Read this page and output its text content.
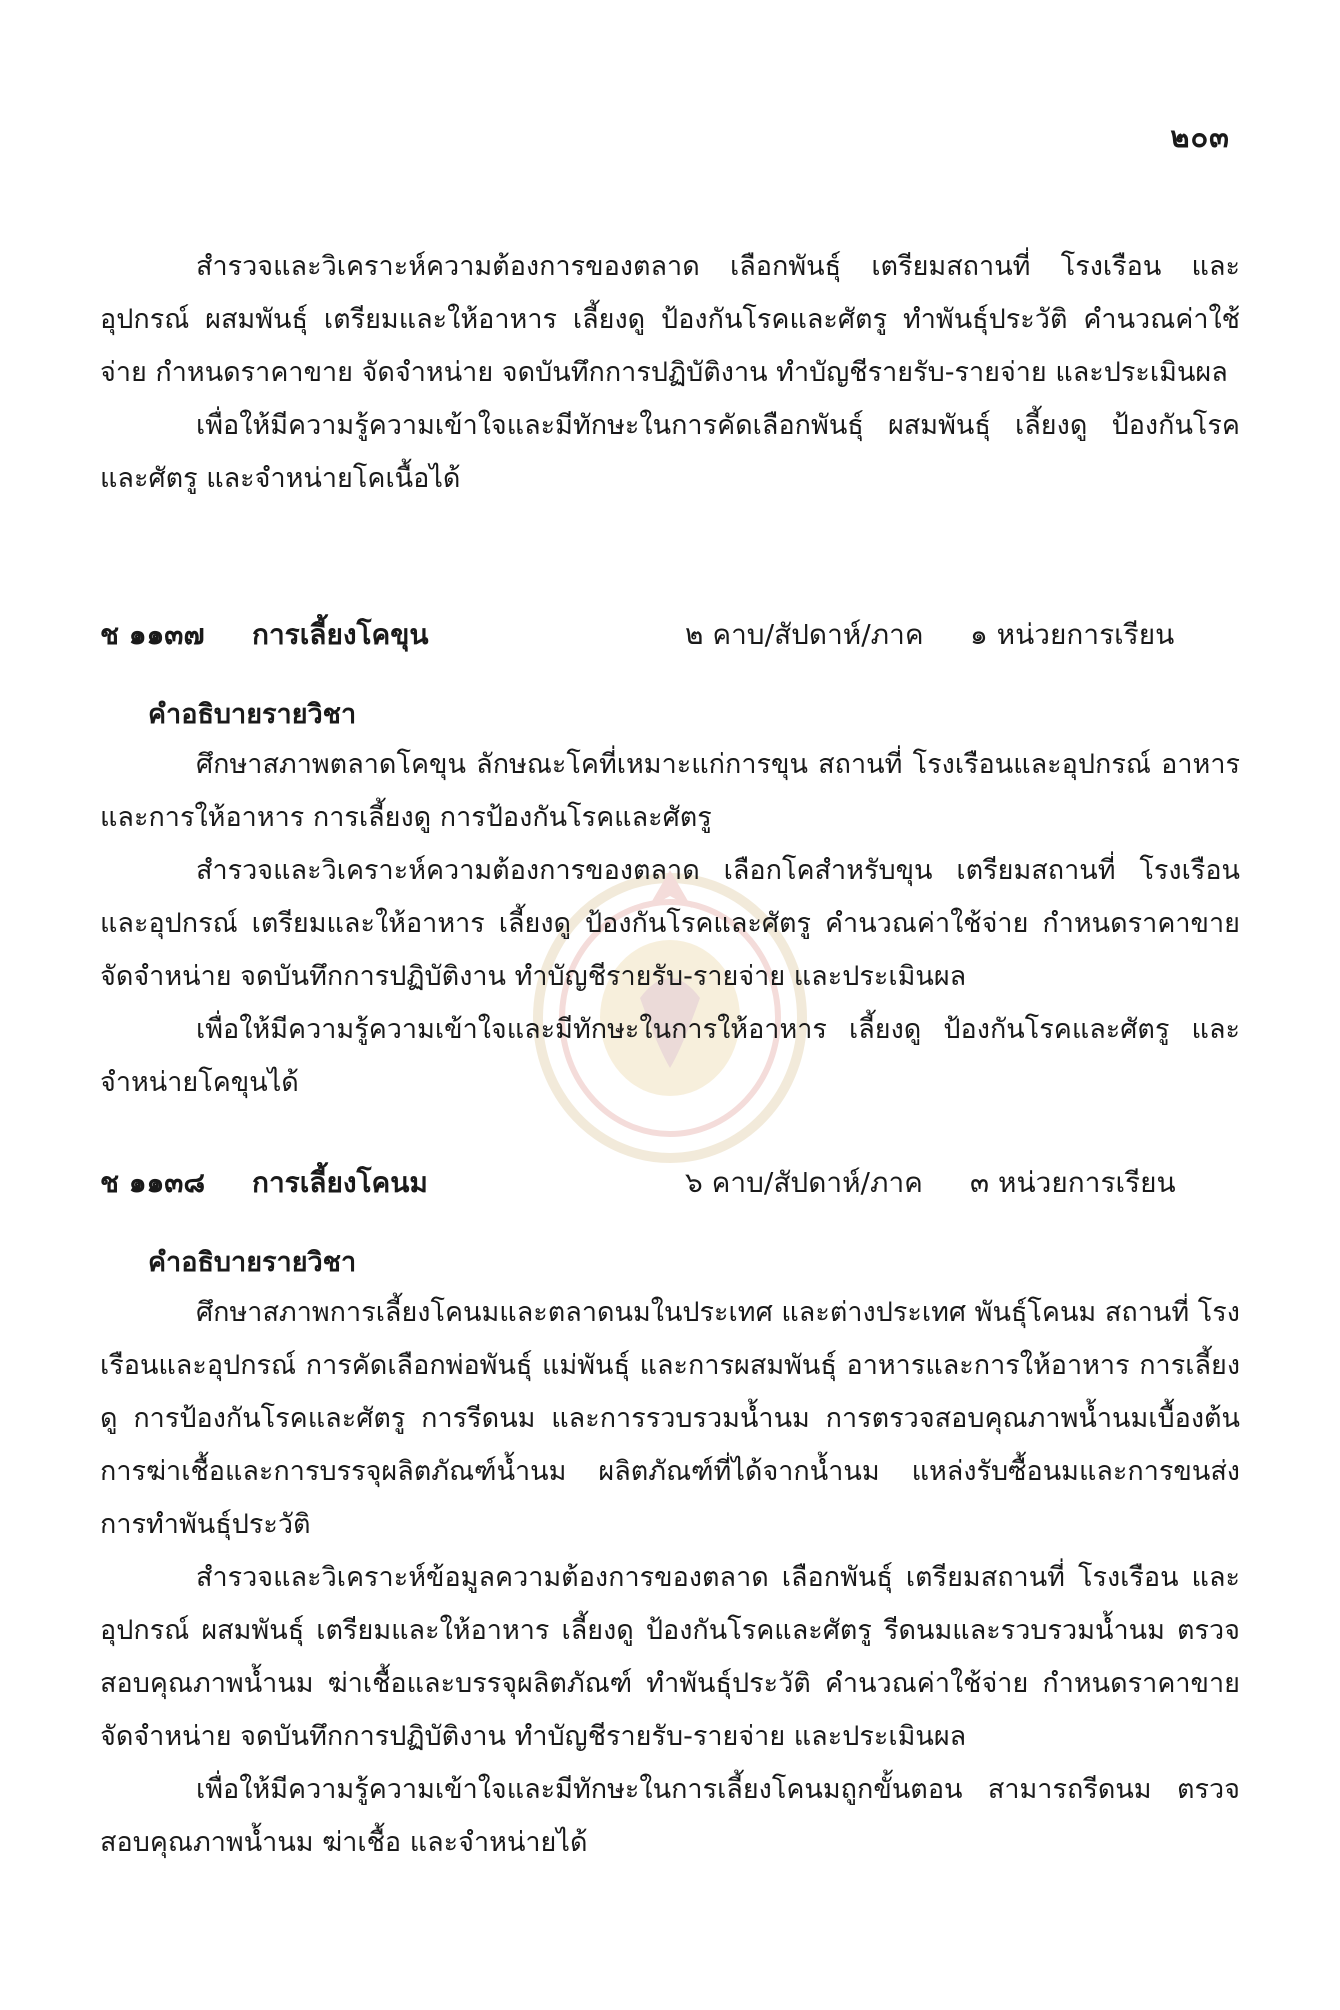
๒๐๓

สำรวจและวิเคราะห์ความต้องการของตลาด เลือกพันธุ์ เตรียมสถานที่ โรงเรือน และอุปกรณ์ ผสมพันธุ์ เตรียมและให้อาหาร เลี้ยงดู ป้องกันโรคและศัตรู ทำพันธุ์ประวัติ คำนวณค่าใช้จ่าย กำหนดราคาขาย จัดจำหน่าย จดบันทึกการปฏิบัติงาน ทำบัญชีรายรับ-รายจ่าย และประเมินผล

เพื่อให้มีความรู้ความเข้าใจและมีทักษะในการคัดเลือกพันธุ์ ผสมพันธุ์ เลี้ยงดู ป้องกันโรคและศัตรู และจำหน่ายโคเนื้อได้

ช ๑๑๓๗ การเลี้ยงโคขุน	๒ คาบ/สัปดาห์/ภาค ๑ หน่วยการเรียน
คำอธิบายรายวิชา

ศึกษาสภาพตลาดโคขุน ลักษณะโคที่เหมาะแก่การขุน สถานที่ โรงเรือนและอุปกรณ์ อาหารและการให้อาหาร การเลี้ยงดู การป้องกันโรคและศัตรู

สำรวจและวิเคราะห์ความต้องการของตลาด เลือกโคสำหรับขุน เตรียมสถานที่ โรงเรือน และอุปกรณ์ เตรียมและให้อาหาร เลี้ยงดู ป้องกันโรคและศัตรู คำนวณค่าใช้จ่าย กำหนดราคาขาย จัดจำหน่าย จดบันทึกการปฏิบัติงาน ทำบัญชีรายรับ-รายจ่าย และประเมินผล

เพื่อให้มีความรู้ความเข้าใจและมีทักษะในการให้อาหาร เลี้ยงดู ป้องกันโรคและศัตรู และจำหน่ายโคขุนได้

ช ๑๑๓๘ การเลี้ยงโคนม	๖ คาบ/สัปดาห์/ภาค ๓ หน่วยการเรียน
คำอธิบายรายวิชา

ศึกษาสภาพการเลี้ยงโคนมและตลาดนมในประเทศ และต่างประเทศ พันธุ์โคนม สถานที่ โรงเรือนและอุปกรณ์ การคัดเลือกพ่อพันธุ์ แม่พันธุ์ และการผสมพันธุ์ อาหารและการให้อาหาร การเลี้ยงดู การป้องกันโรคและศัตรู การรีดนม และการรวบรวมน้ำนม การตรวจสอบคุณภาพน้ำนมเบื้องต้น การฆ่าเชื้อและการบรรจุผลิตภัณฑ์น้ำนม ผลิตภัณฑ์ที่ได้จากน้ำนม แหล่งรับซื้อนมและการขนส่ง การทำพันธุ์ประวัติ

สำรวจและวิเคราะห์ข้อมูลความต้องการของตลาด เลือกพันธุ์ เตรียมสถานที่ โรงเรือน และอุปกรณ์ ผสมพันธุ์ เตรียมและให้อาหาร เลี้ยงดู ป้องกันโรคและศัตรู รีดนมและรวบรวมน้ำนม ตรวจสอบคุณภาพน้ำนม ฆ่าเชื้อและบรรจุผลิตภัณฑ์ ทำพันธุ์ประวัติ คำนวณค่าใช้จ่าย กำหนดราคาขาย จัดจำหน่าย จดบันทึกการปฏิบัติงาน ทำบัญชีรายรับ-รายจ่าย และประเมินผล

เพื่อให้มีความรู้ความเข้าใจและมีทักษะในการเลี้ยงโคนมถูกขั้นตอน สามารถรีดนม ตรวจสอบคุณภาพน้ำนม ฆ่าเชื้อ และจำหน่ายได้
